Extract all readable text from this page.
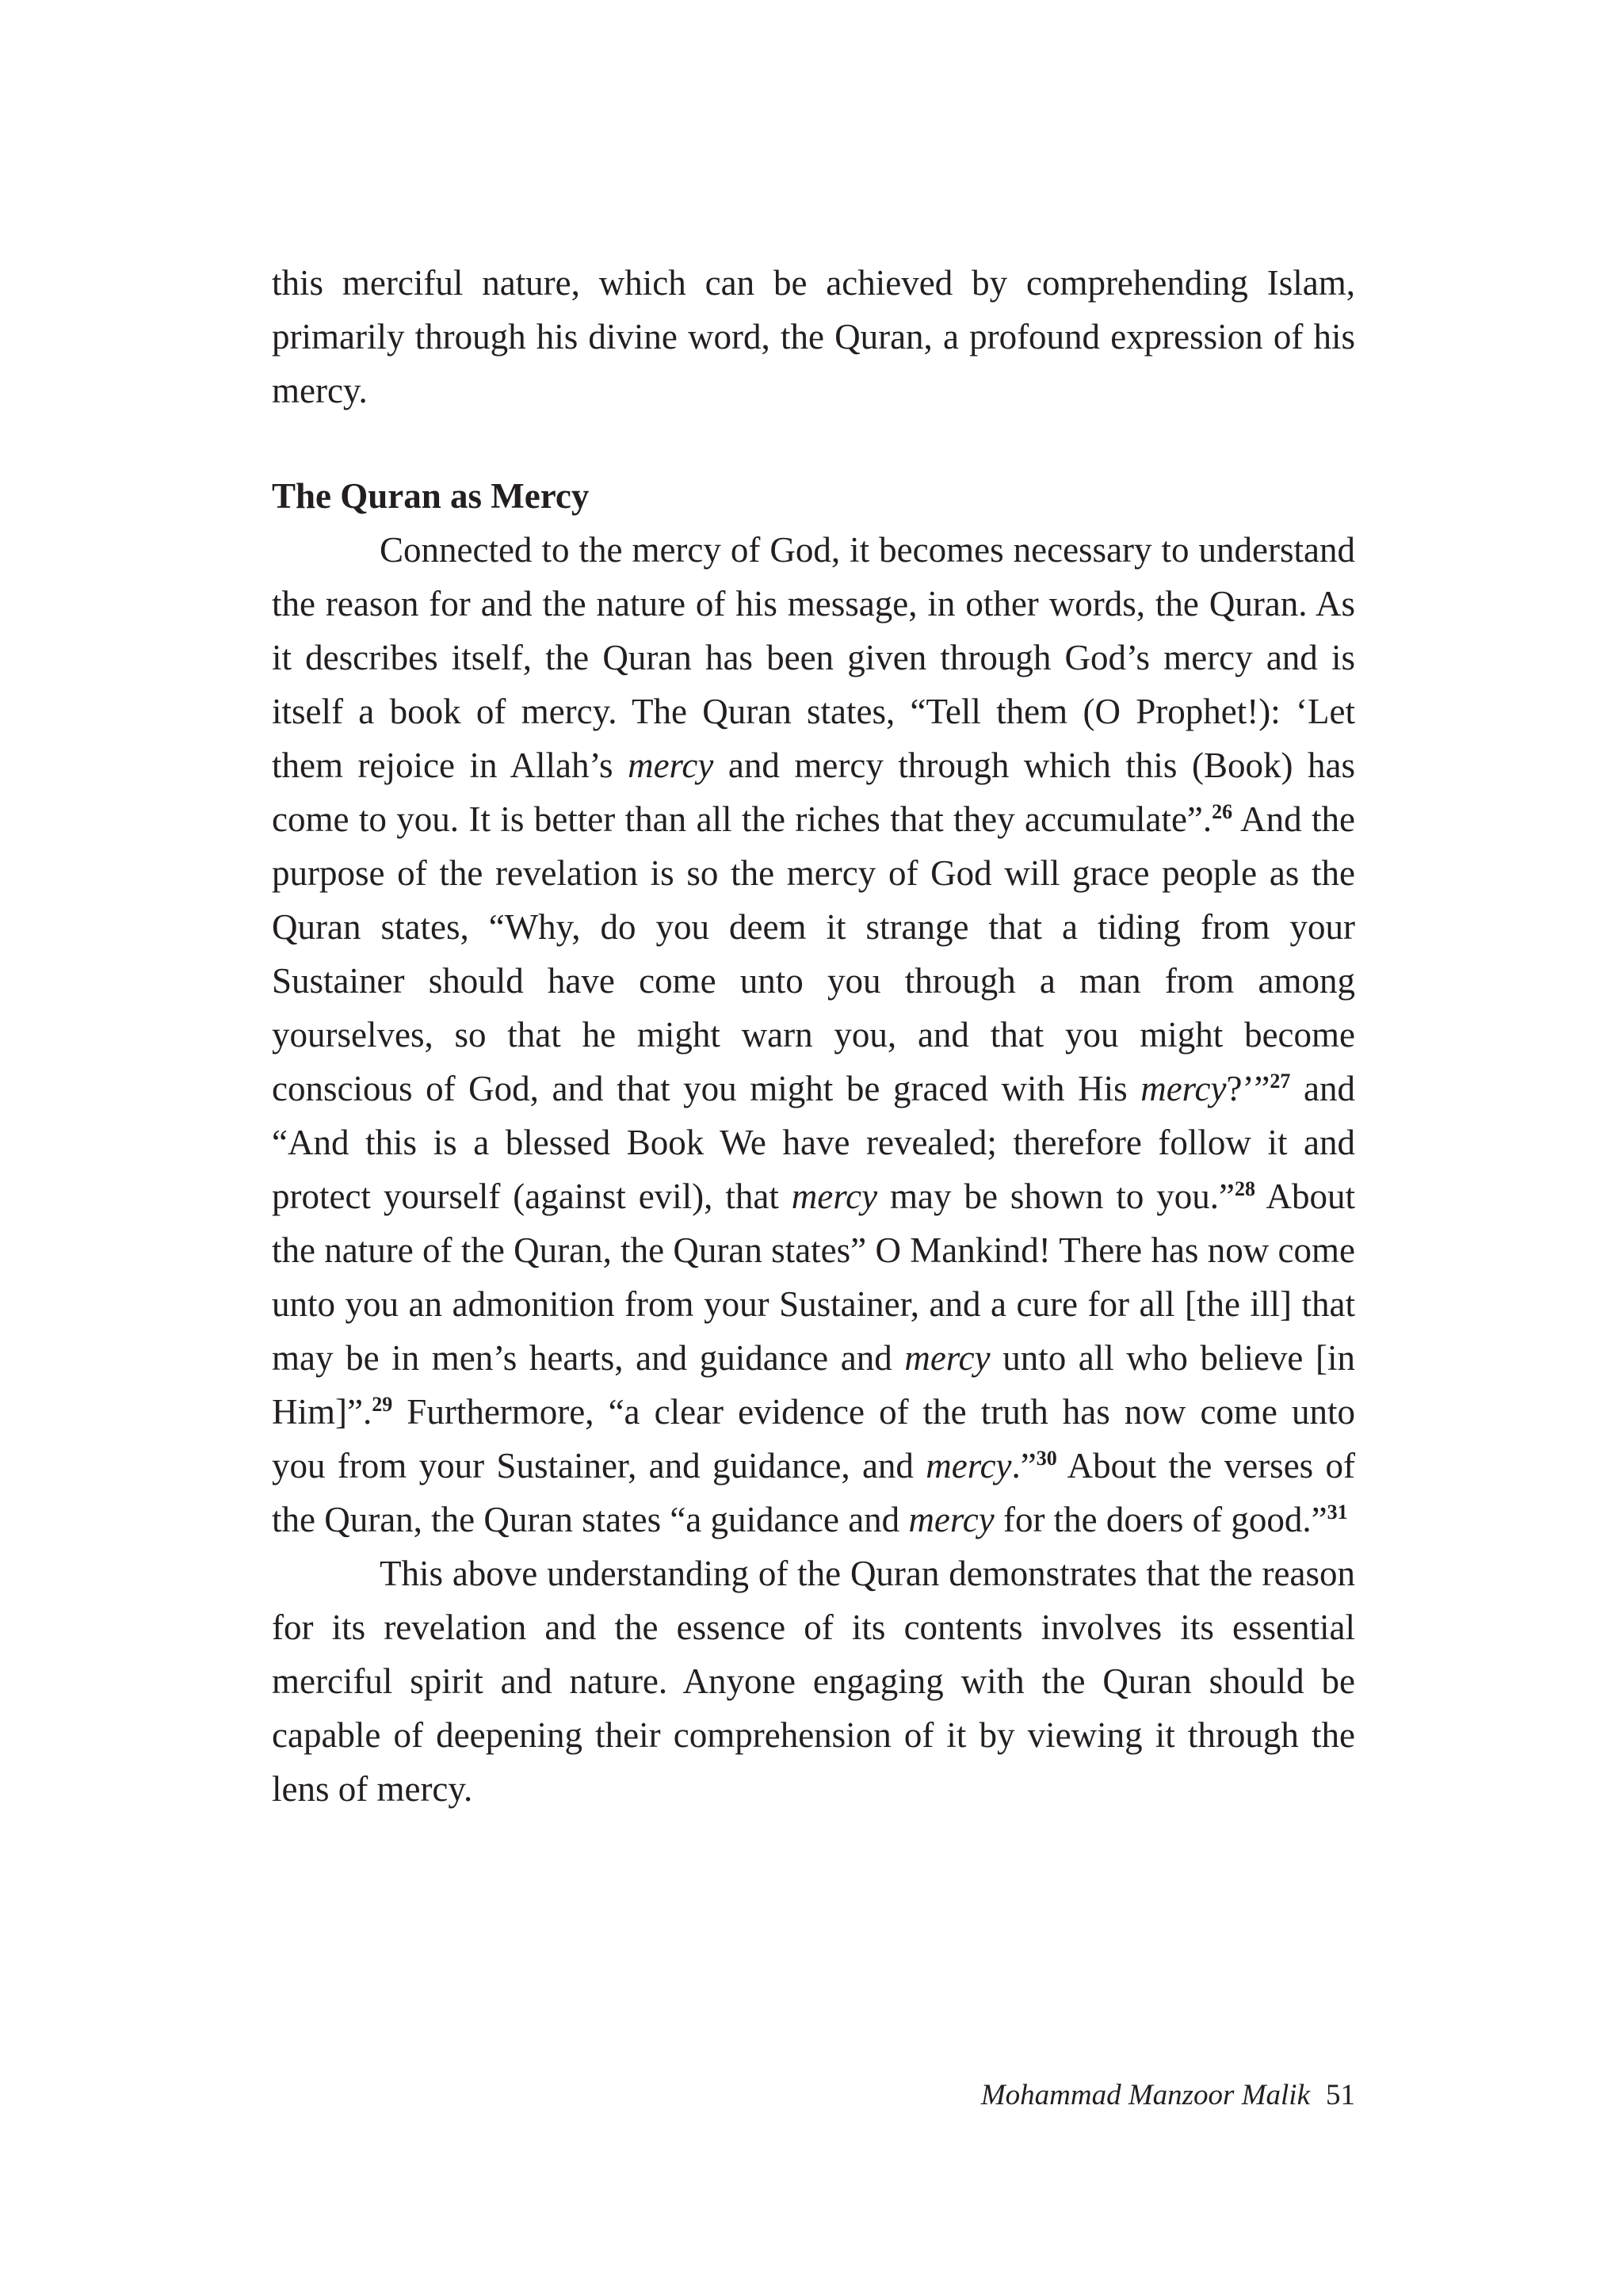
this merciful nature, which can be achieved by comprehending Islam, primarily through his divine word, the Quran, a profound expression of his mercy.

The Quran as Mercy

Connected to the mercy of God, it becomes necessary to understand the reason for and the nature of his message, in other words, the Quran. As it describes itself, the Quran has been given through God’s mercy and is itself a book of mercy. The Quran states, “Tell them (O Prophet!): ‘Let them rejoice in Allah’s mercy and mercy through which this (Book) has come to you. It is better than all the riches that they accumulate”.$^{26}$ And the purpose of the revelation is so the mercy of God will grace people as the Quran states, “Why, do you deem it strange that a tiding from your Sustainer should have come unto you through a man from among yourselves, so that he might warn you, and that you might become conscious of God, and that you might be graced with His mercy?’”$^{27}$ and “And this is a blessed Book We have revealed; therefore follow it and protect yourself (against evil), that mercy may be shown to you.”$^{28}$ About the nature of the Quran, the Quran states” O Mankind! There has now come unto you an admonition from your Sustainer, and a cure for all [the ill] that may be in men’s hearts, and guidance and mercy unto all who believe [in Him]”.$^{29}$ Furthermore, “a clear evidence of the truth has now come unto you from your Sustainer, and guidance, and mercy.”$^{30}$ About the verses of the Quran, the Quran states “a guidance and mercy for the doers of good.”$^{31}$

This above understanding of the Quran demonstrates that the reason for its revelation and the essence of its contents involves its essential merciful spirit and nature. Anyone engaging with the Quran should be capable of deepening their comprehension of it by viewing it through the lens of mercy.

Mohammad Manzoor Malik 51
